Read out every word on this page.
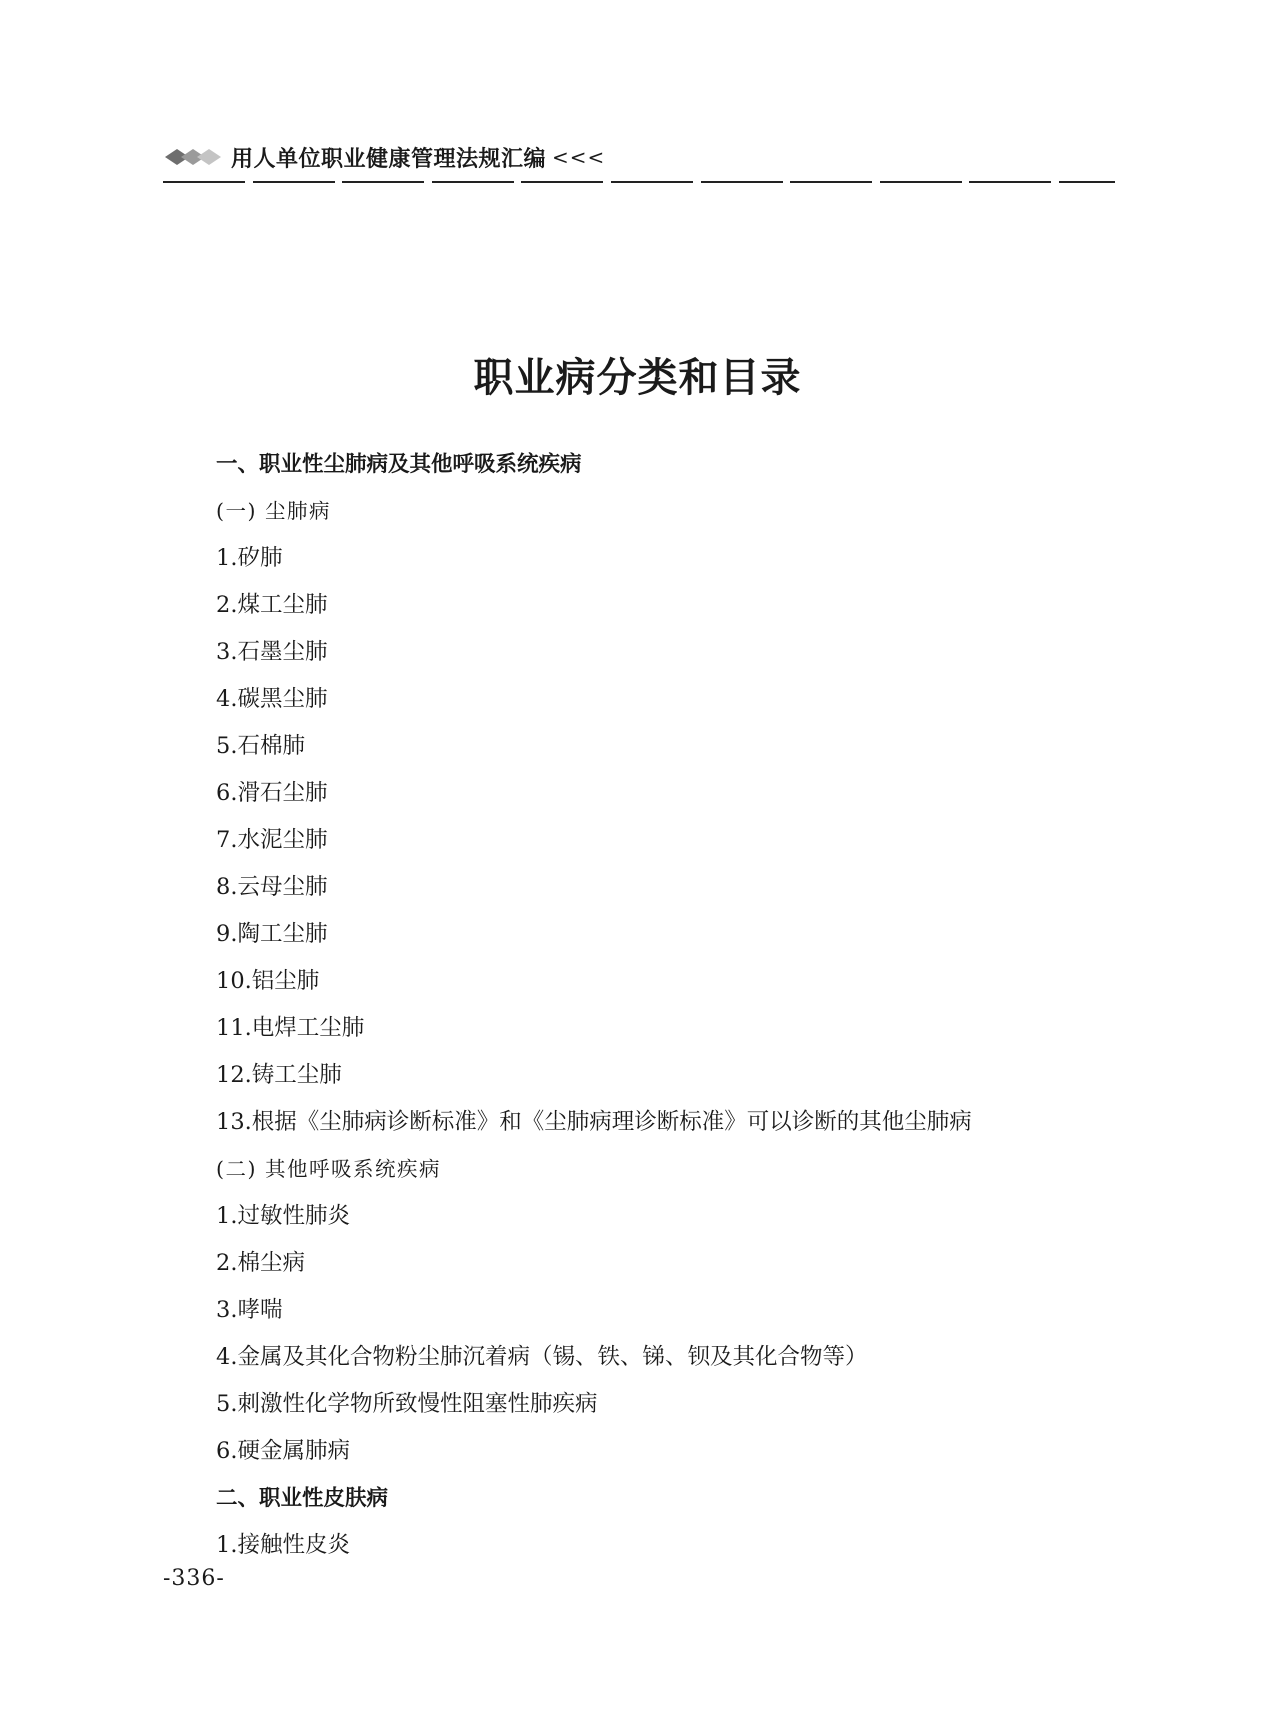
用人单位职业健康管理法规汇编 <<<
职业病分类和目录
一、职业性尘肺病及其他呼吸系统疾病
(一) 尘肺病
1.矽肺
2.煤工尘肺
3.石墨尘肺
4.碳黑尘肺
5.石棉肺
6.滑石尘肺
7.水泥尘肺
8.云母尘肺
9.陶工尘肺
10.铝尘肺
11.电焊工尘肺
12.铸工尘肺
13.根据《尘肺病诊断标准》和《尘肺病理诊断标准》可以诊断的其他尘肺病
(二) 其他呼吸系统疾病
1.过敏性肺炎
2.棉尘病
3.哮喘
4.金属及其化合物粉尘肺沉着病（锡、铁、锑、钡及其化合物等）
5.刺激性化学物所致慢性阻塞性肺疾病
6.硬金属肺病
二、职业性皮肤病
1.接触性皮炎
-336-
